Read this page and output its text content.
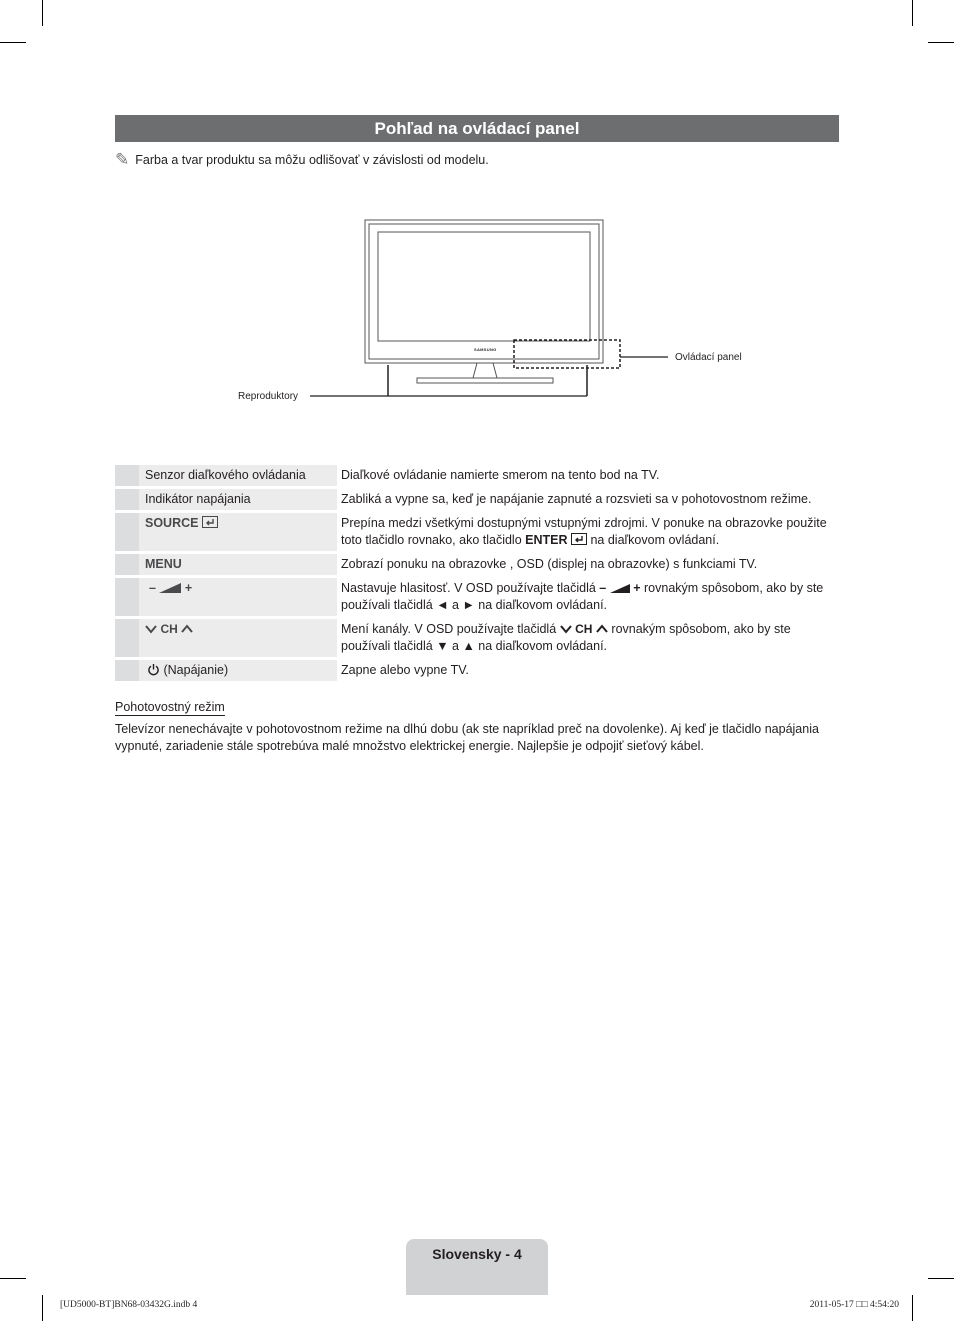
Pohľad na ovládací panel
✎ Farba a tvar produktu sa môžu odlišovať v závislosti od modelu.
SAMSUNG
Ovládací panel
Reproduktory
	Senzor diaľkového ovládania		Diaľkové ovládanie namierte smerom na tento bod na TV.
	Indikátor napájania		Zabliká a vypne sa, keď je napájanie zapnuté a rozsvieti sa v pohotovostnom režime.
	SOURCE		Prepína medzi všetkými dostupnými vstupnými zdrojmi. V ponuke na obrazovke použite toto tlačidlo rovnako, ako tlačidlo ENTER  na diaľkovom ovládaní.
	MENU		Zobrazí ponuku na obrazovke , OSD (displej na obrazovke) s funkciami TV.
	– +		Nastavuje hlasitosť. V OSD používajte tlačidlá – + rovnakým spôsobom, ako by ste používali tlačidlá ◄ a ► na diaľkovom ovládaní.
	CH		Mení kanály. V OSD používajte tlačidlá  CH  rovnakým spôsobom, ako by ste používali tlačidlá ▼ a ▲ na diaľkovom ovládaní.
	(Napájanie)		Zapne alebo vypne TV.
Pohotovostný režim
Televízor nenechávajte v pohotovostnom režime na dlhú dobu (ak ste napríklad preč na dovolenke). Aj keď je tlačidlo napájania vypnuté, zariadenie stále spotrebúva malé množstvo elektrickej energie. Najlepšie je odpojiť sieťový kábel.
Slovensky - 4
[UD5000-BT]BN68-03432G.indb 4	2011-05-17 □□ 4:54:20
